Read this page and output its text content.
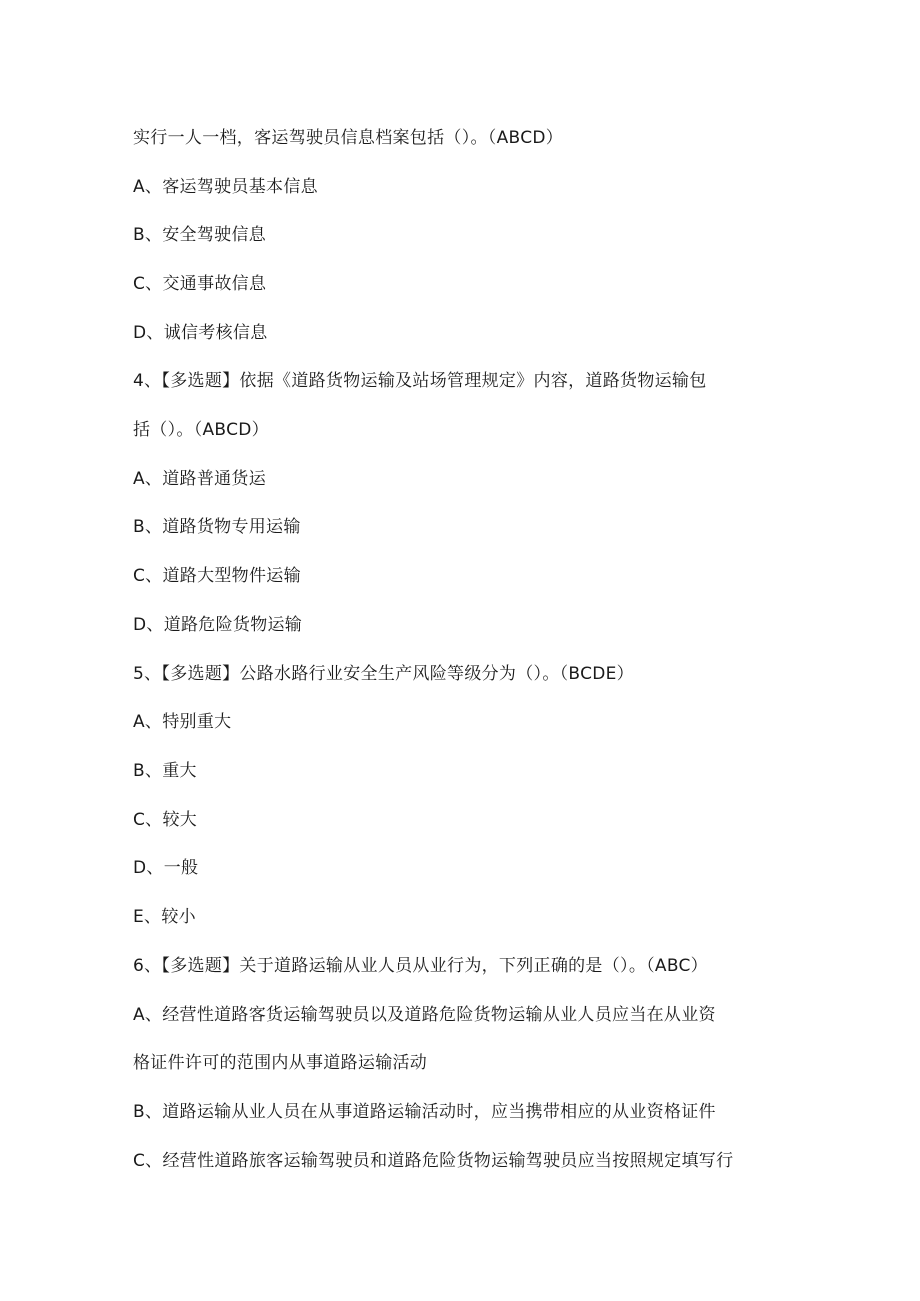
实行一人一档，客运驾驶员信息档案包括（）。（ABCD）
A、客运驾驶员基本信息
B、安全驾驶信息
C、交通事故信息
D、诚信考核信息
4、【多选题】依据《道路货物运输及站场管理规定》内容，道路货物运输包
括（）。（ABCD）
A、道路普通货运
B、道路货物专用运输
C、道路大型物件运输
D、道路危险货物运输
5、【多选题】公路水路行业安全生产风险等级分为（）。（BCDE）
A、特别重大
B、重大
C、较大
D、一般
E、较小
6、【多选题】关于道路运输从业人员从业行为，下列正确的是（）。（ABC）
A、经营性道路客货运输驾驶员以及道路危险货物运输从业人员应当在从业资
格证件许可的范围内从事道路运输活动
B、道路运输从业人员在从事道路运输活动时，应当携带相应的从业资格证件
C、经营性道路旅客运输驾驶员和道路危险货物运输驾驶员应当按照规定填写行
